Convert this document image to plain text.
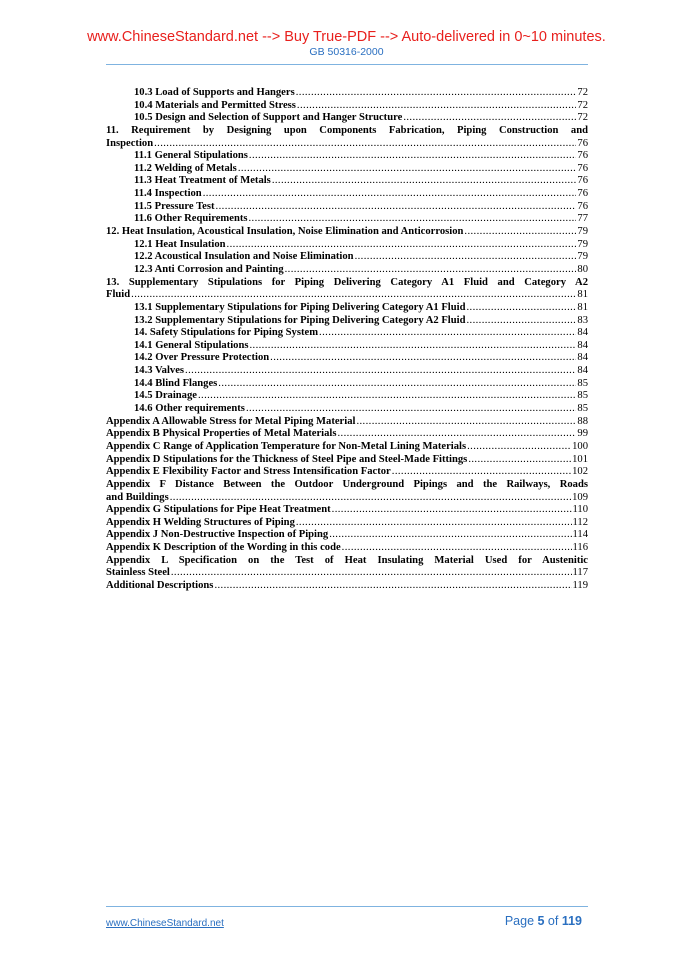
www.ChineseStandard.net --> Buy True-PDF --> Auto-delivered in 0~10 minutes.
GB 50316-2000
10.3 Load of Supports and Hangers .....	72
10.4 Materials and Permitted Stress .....	72
10.5 Design and Selection of Support and Hanger Structure .....	72
11. Requirement by Designing upon Components Fabrication, Piping Construction and
Inspection .....	76
11.1 General Stipulations .....	76
11.2 Welding of Metals .....	76
11.3 Heat Treatment of Metals .....	76
11.4 Inspection .....	76
11.5 Pressure Test .....	76
11.6 Other Requirements .....	77
12. Heat Insulation, Acoustical Insulation, Noise Elimination and Anticorrosion .....	79
12.1 Heat Insulation .....	79
12.2 Acoustical Insulation and Noise Elimination .....	79
12.3 Anti Corrosion and Painting .....	80
13. Supplementary Stipulations for Piping Delivering Category A1 Fluid and Category A2
Fluid .....	81
13.1 Supplementary Stipulations for Piping Delivering Category A1 Fluid .....	81
13.2 Supplementary Stipulations for Piping Delivering Category A2 Fluid .....	83
14. Safety Stipulations for Piping System .....	84
14.1 General Stipulations .....	84
14.2 Over Pressure Protection .....	84
14.3 Valves .....	84
14.4 Blind Flanges .....	85
14.5 Drainage .....	85
14.6 Other requirements .....	85
Appendix A Allowable Stress for Metal Piping Material .....	88
Appendix B Physical Properties of Metal Materials .....	99
Appendix C Range of Application Temperature for Non-Metal Lining Materials .....	100
Appendix D Stipulations for the Thickness of Steel Pipe and Steel-Made Fittings .....	101
Appendix E Flexibility Factor and Stress Intensification Factor .....	102
Appendix F Distance Between the Outdoor Underground Pipings and the Railways, Roads
and Buildings .....	109
Appendix G Stipulations for Pipe Heat Treatment .....	110
Appendix H Welding Structures of Piping .....	112
Appendix J Non-Destructive Inspection of Piping .....	114
Appendix K Description of the Wording in this code .....	116
Appendix L Specification on the Test of Heat Insulating Material Used for Austenitic
Stainless Steel .....	117
Additional Descriptions .....	119
www.ChineseStandard.net	Page 5 of 119
